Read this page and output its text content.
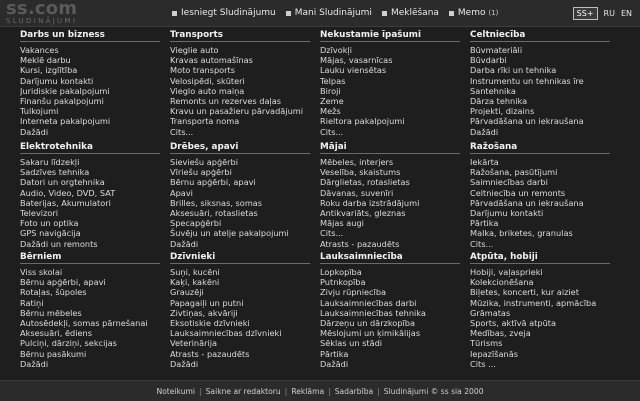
ss.com
SLUDINĀJUMI
Iesniegt Sludinājumu Mani Sludinājumi Meklēšana Memo (1)	SS+	RU EN
Darbs un bizness
Vakances
Meklē darbu
Kursi, izglītība
Darījumu kontakti
Juridiskie pakalpojumi
Finanšu pakalpojumi
Tulkojumi
Interneta pakalpojumi
Dažādi
Transports
Vieglie auto
Kravas automašīnas
Moto transports
Velosipēdi, skūteri
Vieglo auto maiņa
Remonts un rezerves daļas
Kravu un pasažieru pārvadājumi
Transporta noma
Cits...
Nekustamie īpašumi
Dzīvokļi
Mājas, vasarnīcas
Lauku viensētas
Telpas
Biroji
Zeme
Mežs
Rieltora pakalpojumi
Cits...
Celtniecība
Būvmateriāli
Būvdarbi
Darba rīki un tehnika
Instrumentu un tehnikas īre
Santehnika
Dārza tehnika
Projekti, dizains
Pārvadāšana un iekraušana
Dažādi
Elektrotehnika
Sakaru līdzekļi
Sadzīves tehnika
Datori un orgtehnika
Audio, Video, DVD, SAT
Baterijas, Akumulatori
Televizori
Foto un optika
GPS navigācija
Dažādi un remonts
Drēbes, apavi
Sieviešu apģērbi
Vīriešu apģērbi
Bērnu apģērbi, apavi
Apavi
Brilles, siksnas, somas
Aksesuāri, rotaslietas
Specapģērbi
Šuvēju un atelje pakalpojumi
Dažādi
Mājai
Mēbeles, interjers
Veselība, skaistums
Dārglietas, rotaslietas
Dāvanas, suvenīri
Roku darba izstrādājumi
Antikvariāts, gleznas
Mājas augi
Cits...
Atrasts - pazaudēts
Ražošana
Iekārta
Ražošana, pasūtījumi
Saimniecības darbi
Celtniecība un remonts
Pārvadāšana un iekraušana
Darījumu kontakti
Pārtika
Malka, briketes, granulas
Cits...
Bērniem
Viss skolai
Bērnu apģērbi, apavi
Rotaļas, šūpoles
Ratiņi
Bērnu mēbeles
Autosēdekļi, somas pārnešanai
Aksesuāri, ēdiens
Pulciņi, dārziņi, sekcijas
Bērnu pasākumi
Dažādi
Dzīvnieki
Suņi, kucēni
Kaķi, kakēni
Grauzēji
Papagaiļi un putni
Zivtiņas, akvāriji
Eksotiskie dzīvnieki
Lauksaimniecības dzīvnieki
Veterinārija
Atrasts - pazaudēts
Dažādi
Lauksaimniecība
Lopkopība
Putnkopība
Zivju rūpniecība
Lauksaimniecības darbi
Lauksaimniecības tehnika
Dārzeņu un dārzkopība
Mēslojumi un ķimikālijas
Sēklas un stādi
Pārtika
Dažādi
Atpūta, hobiji
Hobiji, vaļasprieki
Kolekcionēšana
Biļetes, koncerti, kur aiziet
Mūzika, instrumenti, apmācība
Grāmatas
Sports, aktīvā atpūta
Medības, zveja
Tūrisms
Iepazīšanās
Cits ...
Noteikumi | Saikne ar redaktoru | Reklāma | Sadarbība | Sludinājumi © ss sia 2000
